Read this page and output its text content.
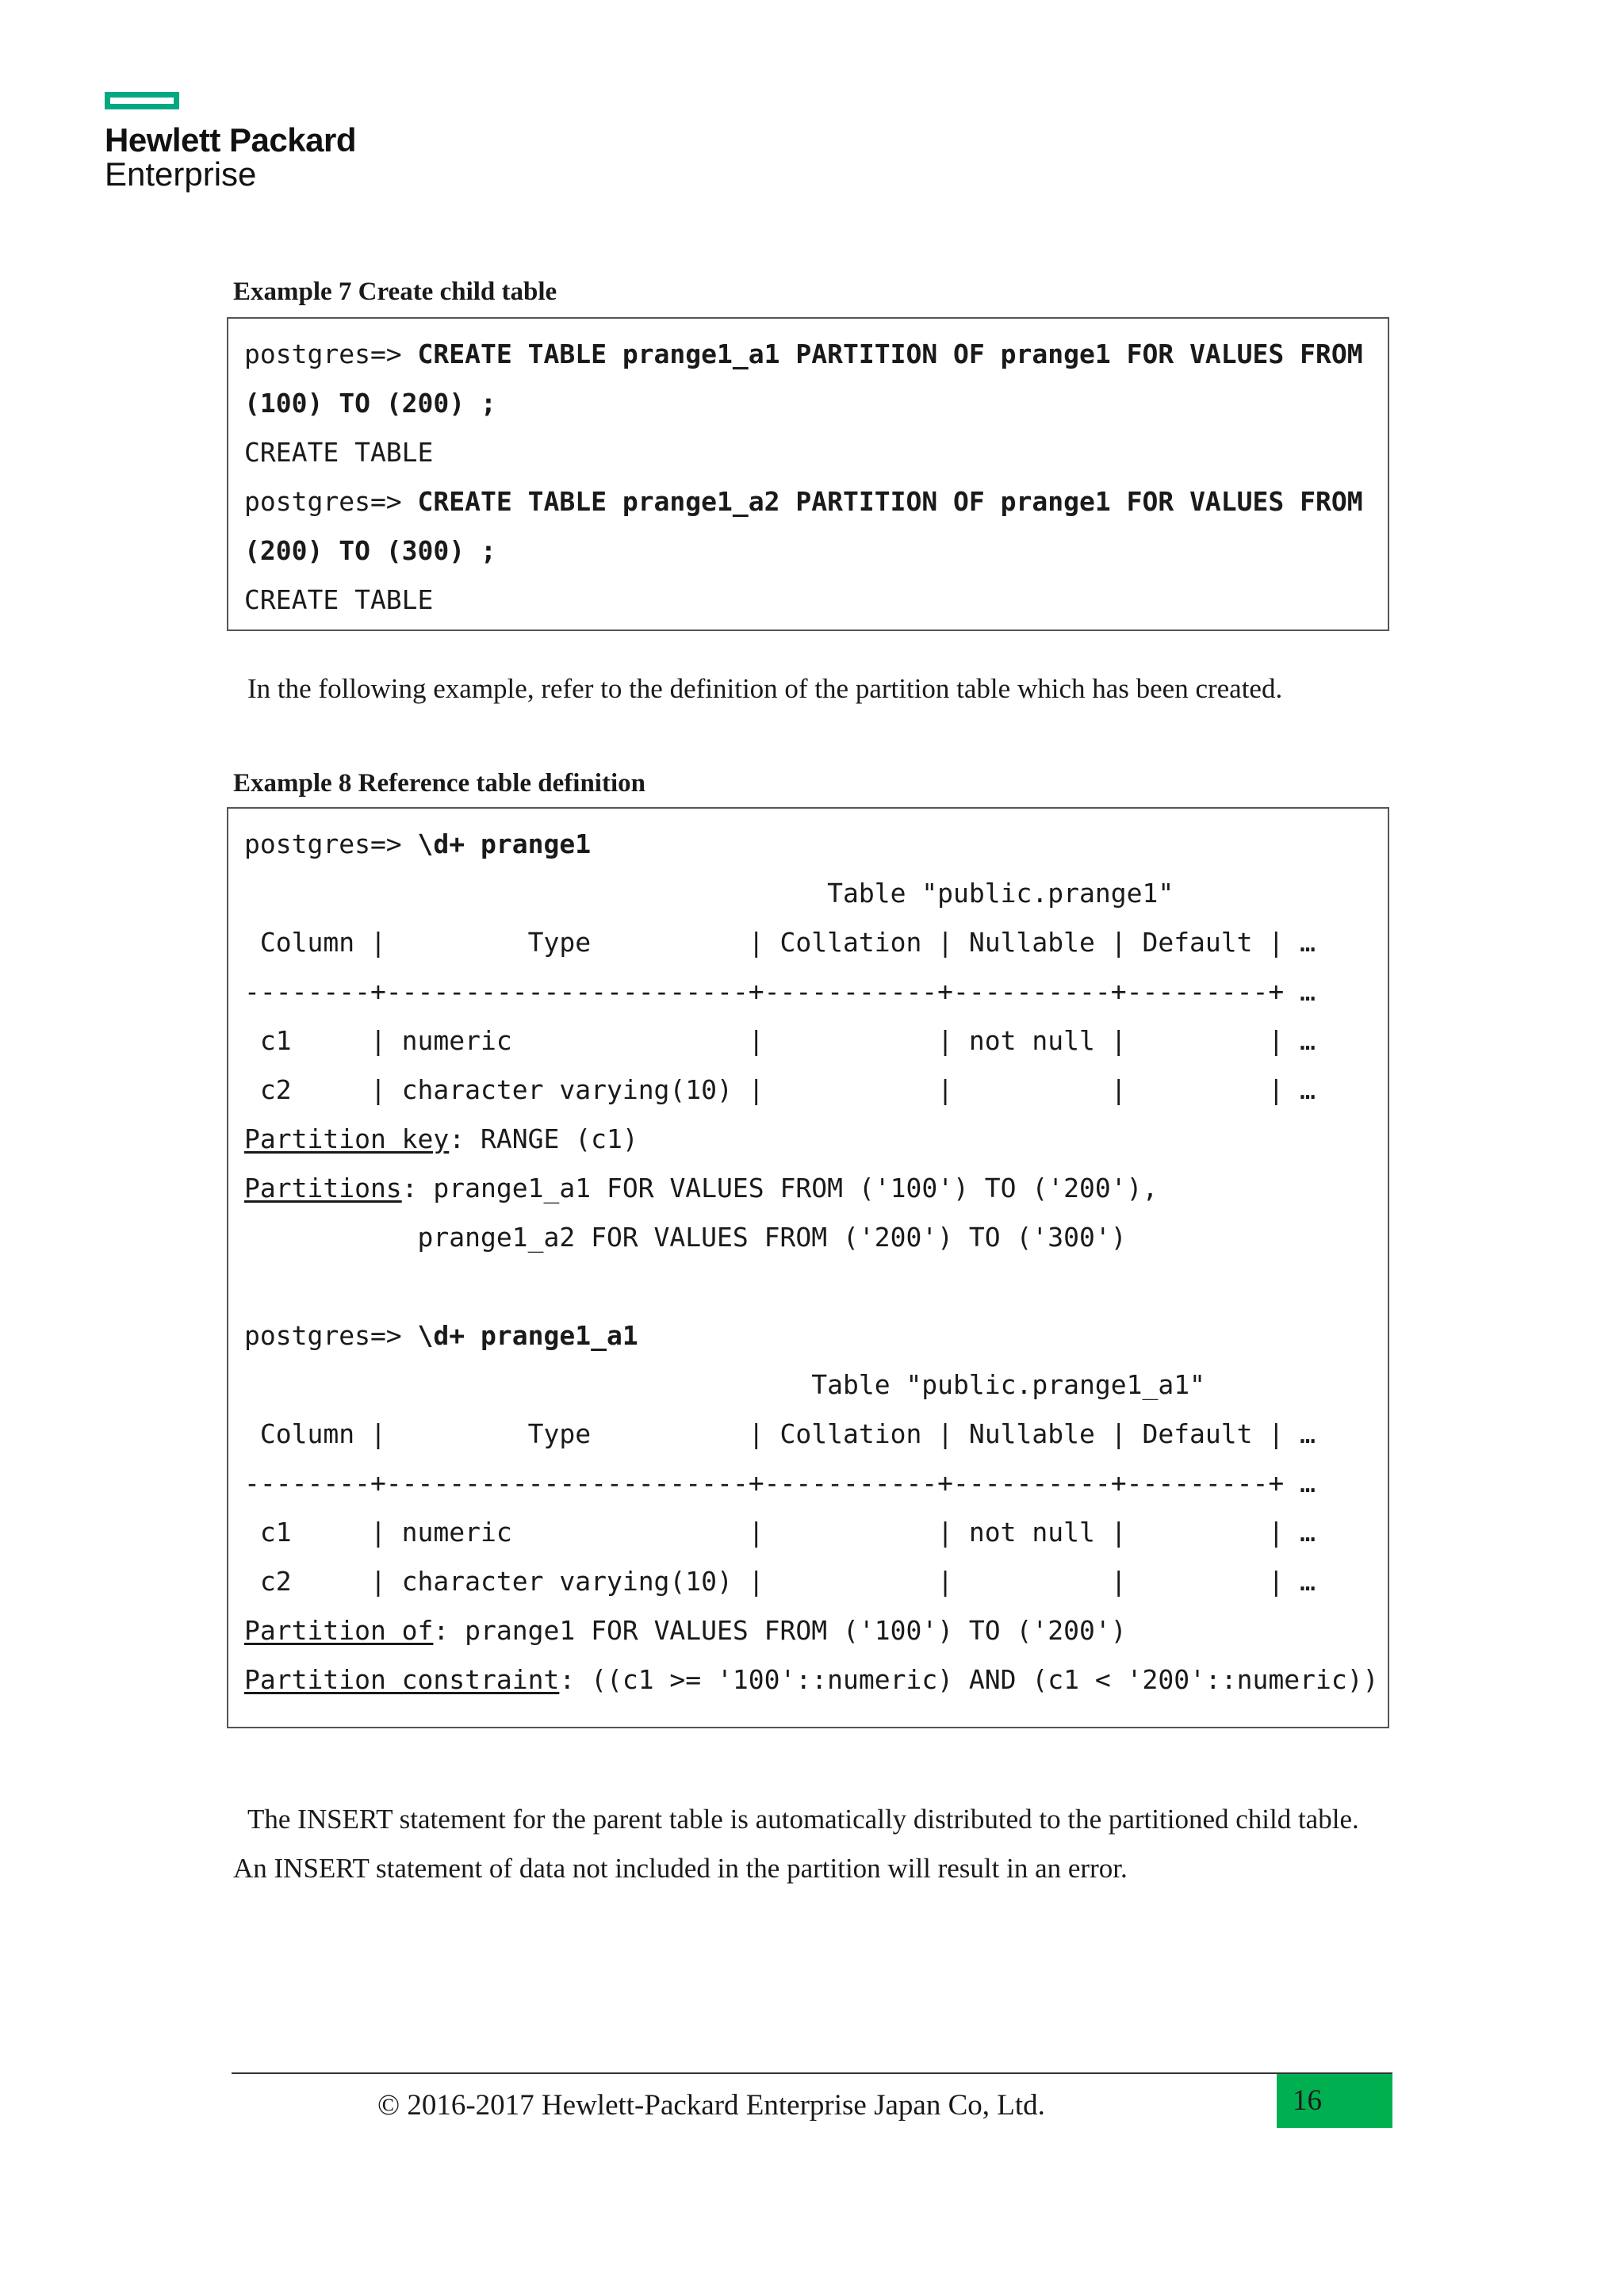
Hewlett Packard
Enterprise
Example 7 Create child table
postgres=> CREATE TABLE prange1_a1 PARTITION OF prange1 FOR VALUES FROM
(100) TO (200) ;
CREATE TABLE
postgres=> CREATE TABLE prange1_a2 PARTITION OF prange1 FOR VALUES FROM
(200) TO (300) ;
CREATE TABLE
In the following example, refer to the definition of the partition table which has been created.
Example 8 Reference table definition
postgres=> \d+ prange1
Table "public.prange1"
Column |         Type          | Collation | Nullable | Default | …
--------+-----------------------+-----------+----------+---------+ …
c1     | numeric               |           | not null |         | …
c2     | character varying(10) |           |          |         | …
Partition key: RANGE (c1)
Partitions: prange1_a1 FOR VALUES FROM ('100') TO ('200'),
prange1_a2 FOR VALUES FROM ('200') TO ('300')
postgres=> \d+ prange1_a1
Table "public.prange1_a1"
Column |         Type          | Collation | Nullable | Default | …
--------+-----------------------+-----------+----------+---------+ …
c1     | numeric               |           | not null |         | …
c2     | character varying(10) |           |          |         | …
Partition of: prange1 FOR VALUES FROM ('100') TO ('200')
Partition constraint: ((c1 >= '100'::numeric) AND (c1 < '200'::numeric))
The INSERT statement for the parent table is automatically distributed to the partitioned child table.
An INSERT statement of data not included in the partition will result in an error.
© 2016-2017 Hewlett-Packard Enterprise Japan Co, Ltd.	16
